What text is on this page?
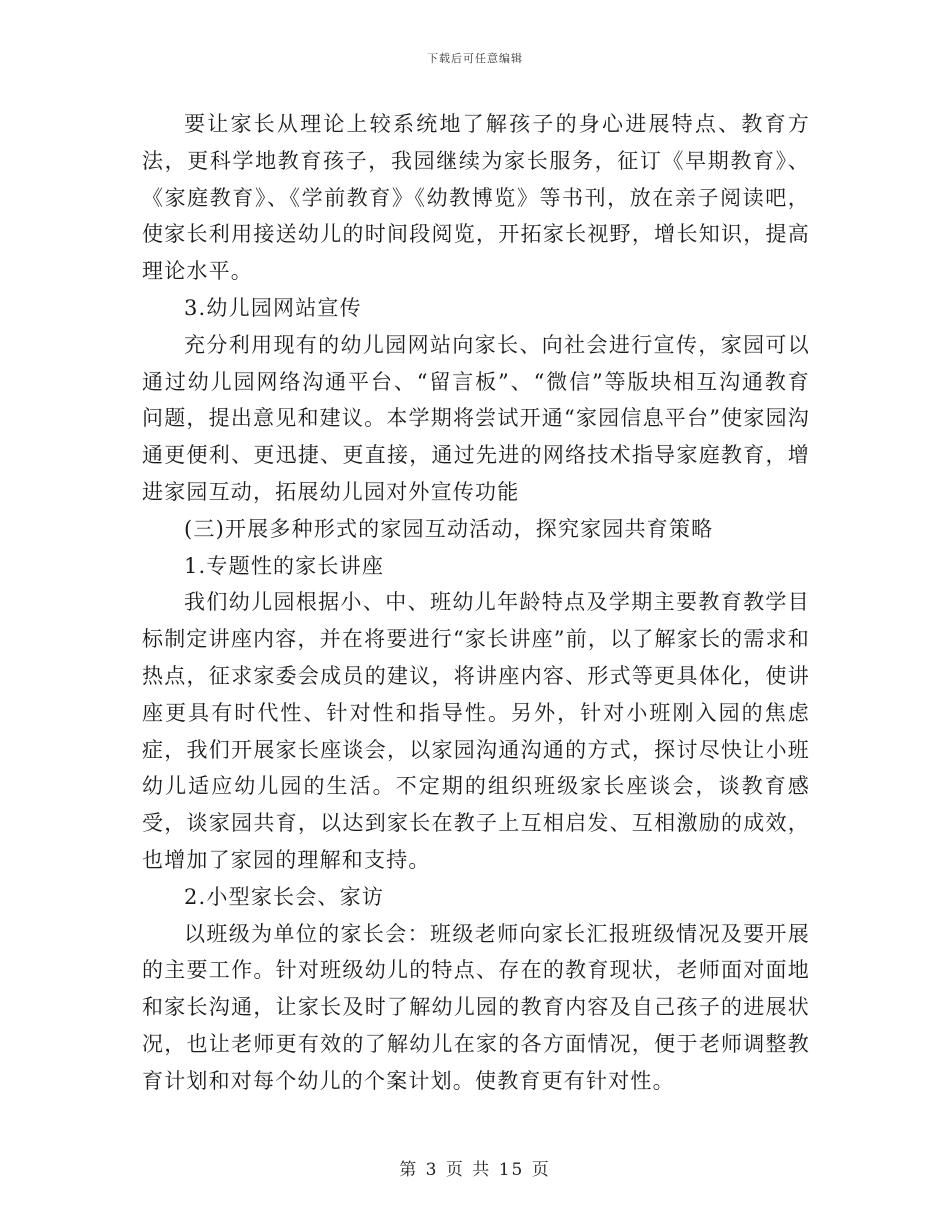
下载后可任意编辑

要让家长从理论上较系统地了解孩子的身心进展特点、教育方法，更科学地教育孩子，我园继续为家长服务，征订《早期教育》、《家庭教育》、《学前教育》《幼教博览》等书刊，放在亲子阅读吧，使家长利用接送幼儿的时间段阅览，开拓家长视野，增长知识，提高理论水平。

3.幼儿园网站宣传

充分利用现有的幼儿园网站向家长、向社会进行宣传，家园可以通过幼儿园网络沟通平台、“留言板”、“微信”等版块相互沟通教育问题，提出意见和建议。本学期将尝试开通“家园信息平台”使家园沟通更便利、更迅捷、更直接，通过先进的网络技术指导家庭教育，增进家园互动，拓展幼儿园对外宣传功能

(三)开展多种形式的家园互动活动，探究家园共育策略

1.专题性的家长讲座

我们幼儿园根据小、中、班幼儿年龄特点及学期主要教育教学目标制定讲座内容，并在将要进行“家长讲座”前，以了解家长的需求和热点，征求家委会成员的建议，将讲座内容、形式等更具体化，使讲座更具有时代性、针对性和指导性。另外，针对小班刚入园的焦虑症，我们开展家长座谈会，以家园沟通沟通的方式，探讨尽快让小班幼儿适应幼儿园的生活。不定期的组织班级家长座谈会，谈教育感受，谈家园共育，以达到家长在教子上互相启发、互相激励的成效，也增加了家园的理解和支持。

2.小型家长会、家访

以班级为单位的家长会：班级老师向家长汇报班级情况及要开展的主要工作。针对班级幼儿的特点、存在的教育现状，老师面对面地和家长沟通，让家长及时了解幼儿园的教育内容及自己孩子的进展状况，也让老师更有效的了解幼儿在家的各方面情况，便于老师调整教育计划和对每个幼儿的个案计划。使教育更有针对性。

第 3 页 共 15 页
